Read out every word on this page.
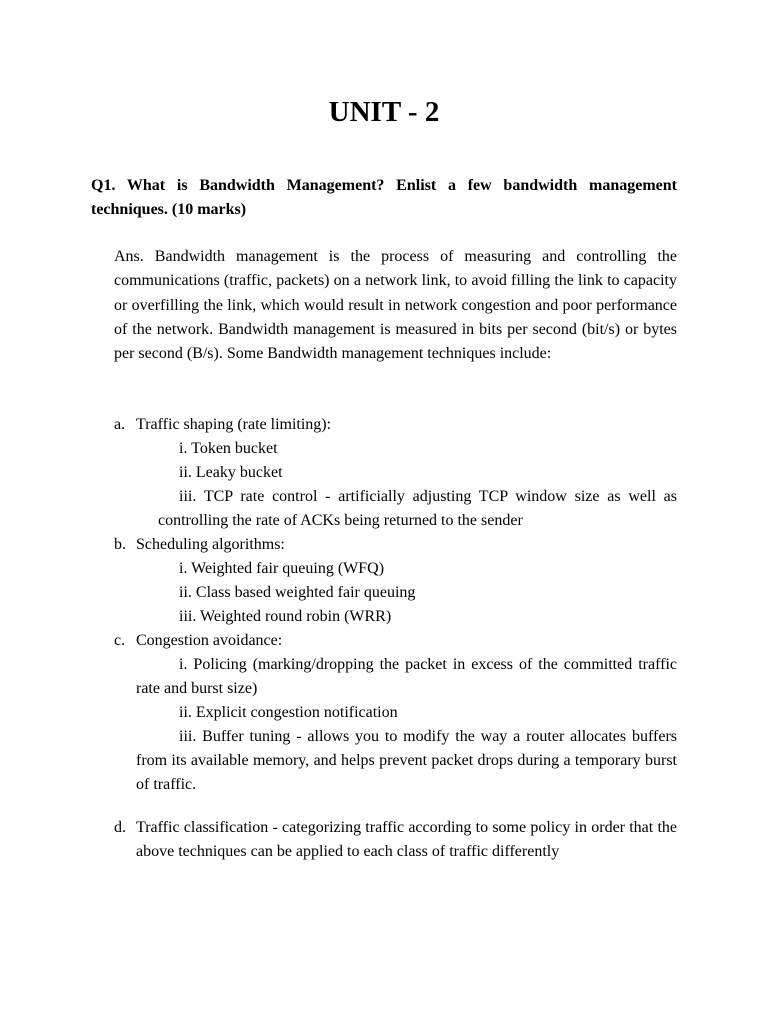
UNIT - 2
Q1. What is Bandwidth Management? Enlist a few bandwidth management techniques. (10 marks)
Ans. Bandwidth management is the process of measuring and controlling the communications (traffic, packets) on a network link, to avoid filling the link to capacity or overfilling the link, which would result in network congestion and poor performance of the network. Bandwidth management is measured in bits per second (bit/s) or bytes per second (B/s). Some Bandwidth management techniques include:
a. Traffic shaping (rate limiting):
i. Token bucket
ii. Leaky bucket
iii. TCP rate control - artificially adjusting TCP window size as well as controlling the rate of ACKs being returned to the sender
b. Scheduling algorithms:
i. Weighted fair queuing (WFQ)
ii. Class based weighted fair queuing
iii. Weighted round robin (WRR)
c. Congestion avoidance:
i. Policing (marking/dropping the packet in excess of the committed traffic rate and burst size)
ii. Explicit congestion notification
iii. Buffer tuning - allows you to modify the way a router allocates buffers from its available memory, and helps prevent packet drops during a temporary burst of traffic.
d. Traffic classification - categorizing traffic according to some policy in order that the above techniques can be applied to each class of traffic differently
